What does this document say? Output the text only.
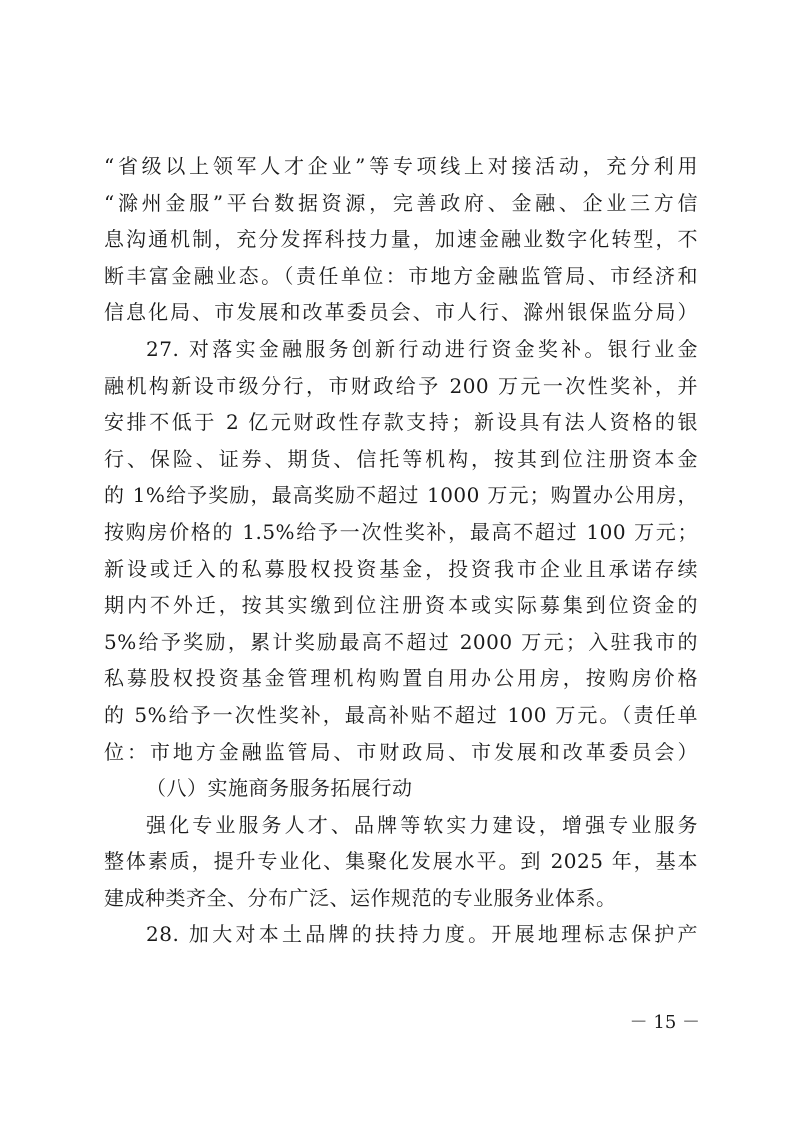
“省级以上领军人才企业”等专项线上对接活动，充分利用
“滁州金服”平台数据资源，完善政府、金融、企业三方信
息沟通机制，充分发挥科技力量，加速金融业数字化转型，不
断丰富金融业态。（责任单位：市地方金融监管局、市经济和
信息化局、市发展和改革委员会、市人行、滁州银保监分局）
27. 对落实金融服务创新行动进行资金奖补。银行业金
融机构新设市级分行，市财政给予 200 万元一次性奖补，并
安排不低于 2 亿元财政性存款支持；新设具有法人资格的银
行、保险、证券、期货、信托等机构，按其到位注册资本金
的 1%给予奖励，最高奖励不超过 1000 万元；购置办公用房，
按购房价格的 1.5%给予一次性奖补，最高不超过 100 万元；
新设或迁入的私募股权投资基金，投资我市企业且承诺存续
期内不外迁，按其实缴到位注册资本或实际募集到位资金的
5%给予奖励，累计奖励最高不超过 2000 万元；入驻我市的
私募股权投资基金管理机构购置自用办公用房，按购房价格
的 5%给予一次性奖补，最高补贴不超过 100 万元。（责任单
位：市地方金融监管局、市财政局、市发展和改革委员会）
（八）实施商务服务拓展行动
强化专业服务人才、品牌等软实力建设，增强专业服务
整体素质，提升专业化、集聚化发展水平。到 2025 年，基本
建成种类齐全、分布广泛、运作规范的专业服务业体系。
28. 加大对本土品牌的扶持力度。开展地理标志保护产
－ 15 －
